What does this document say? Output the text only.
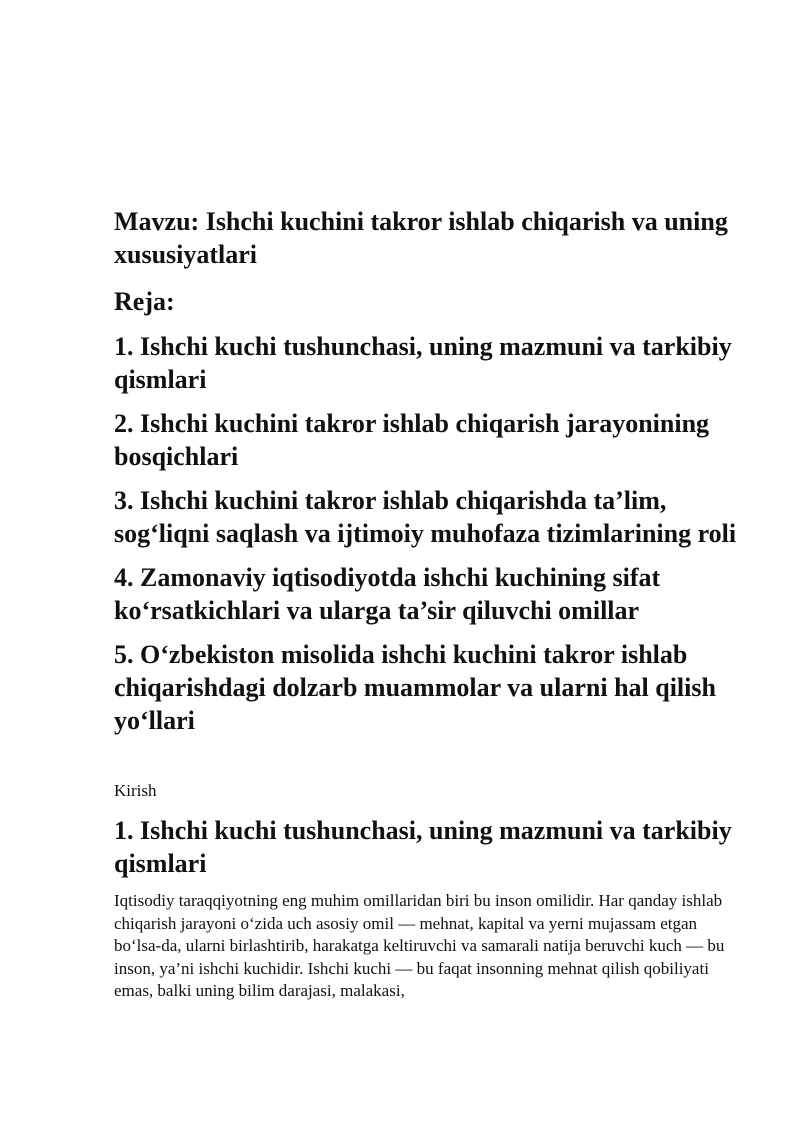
Mavzu: Ishchi kuchini takror ishlab chiqarish va uning xususiyatlari
Reja:
1. Ishchi kuchi tushunchasi, uning mazmuni va tarkibiy qismlari
2. Ishchi kuchini takror ishlab chiqarish jarayonining bosqichlari
3. Ishchi kuchini takror ishlab chiqarishda ta’lim, sog‘liqni saqlash va ijtimoiy muhofaza tizimlarining roli
4. Zamonaviy iqtisodiyotda ishchi kuchining sifat ko‘rsatkichlari va ularga ta’sir qiluvchi omillar
5. O‘zbekiston misolida ishchi kuchini takror ishlab chiqarishdagi dolzarb muammolar va ularni hal qilish yo‘llari

Kirish

1. Ishchi kuchi tushunchasi, uning mazmuni va tarkibiy qismlari

Iqtisodiy taraqqiyotning eng muhim omillaridan biri bu inson omilidir. Har qanday ishlab chiqarish jarayoni o‘zida uch asosiy omil — mehnat, kapital va yerni mujassam etgan bo‘lsa-da, ularni birlashtirib, harakatga keltiruvchi va samarali natija beruvchi kuch — bu inson, ya’ni ishchi kuchidir. Ishchi kuchi — bu faqat insonning mehnat qilish qobiliyati emas, balki uning bilim darajasi, malakasi,
